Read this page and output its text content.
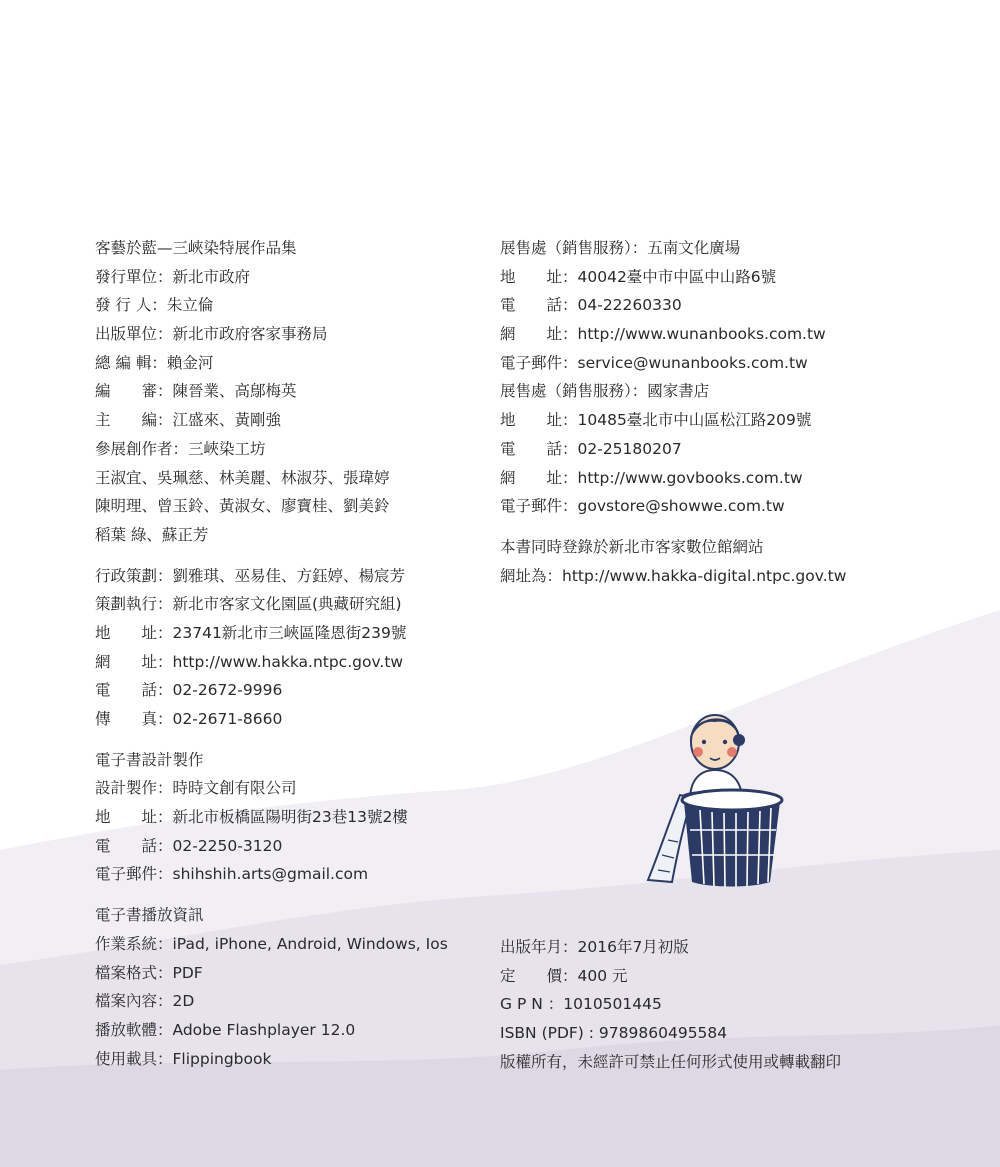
客藝於藍—三峽染特展作品集
發行單位：新北市政府
發 行 人：朱立倫
出版單位：新北市政府客家事務局
總 編 輯：賴金河
編　　審：陳晉業、高鄔梅英
主　　編：江盛來、黃剛強
參展創作者：三峽染工坊
王淑宜、吳珮慈、林美麗、林淑芬、張瑋婷
陳明理、曾玉鈴、黃淑女、廖寶桂、劉美鈴
稻葉 綠、蘇正芳
行政策劃：劉雅琪、巫易佳、方鈺婷、楊宸芳
策劃執行：新北市客家文化園區(典藏研究組)
地　　址：23741新北市三峽區隆恩街239號
網　　址：http://www.hakka.ntpc.gov.tw
電　　話：02-2672-9996
傳　　真：02-2671-8660
電子書設計製作
設計製作：時時文創有限公司
地　　址：新北市板橋區陽明街23巷13號2樓
電　　話：02-2250-3120
電子郵件：shihshih.arts@gmail.com
電子書播放資訊
作業系統：iPad, iPhone, Android, Windows, Ios
檔案格式：PDF
檔案內容：2D
播放軟體：Adobe Flashplayer 12.0
使用載具：Flippingbook
展售處（銷售服務）：五南文化廣場
地　　址：40042臺中市中區中山路6號
電　　話：04-22260330
網　　址：http://www.wunanbooks.com.tw
電子郵件：service@wunanbooks.com.tw
展售處（銷售服務）：國家書店
地　　址：10485臺北市中山區松江路209號
電　　話：02-25180207
網　　址：http://www.govbooks.com.tw
電子郵件：govstore@showwe.com.tw
本書同時登錄於新北市客家數位館網站
網址為：http://www.hakka-digital.ntpc.gov.tw
出版年月：2016年7月初版
定　　價：400 元
G P N ：1010501445
ISBN (PDF) : 9789860495584
版權所有，未經許可禁止任何形式使用或轉載翻印
